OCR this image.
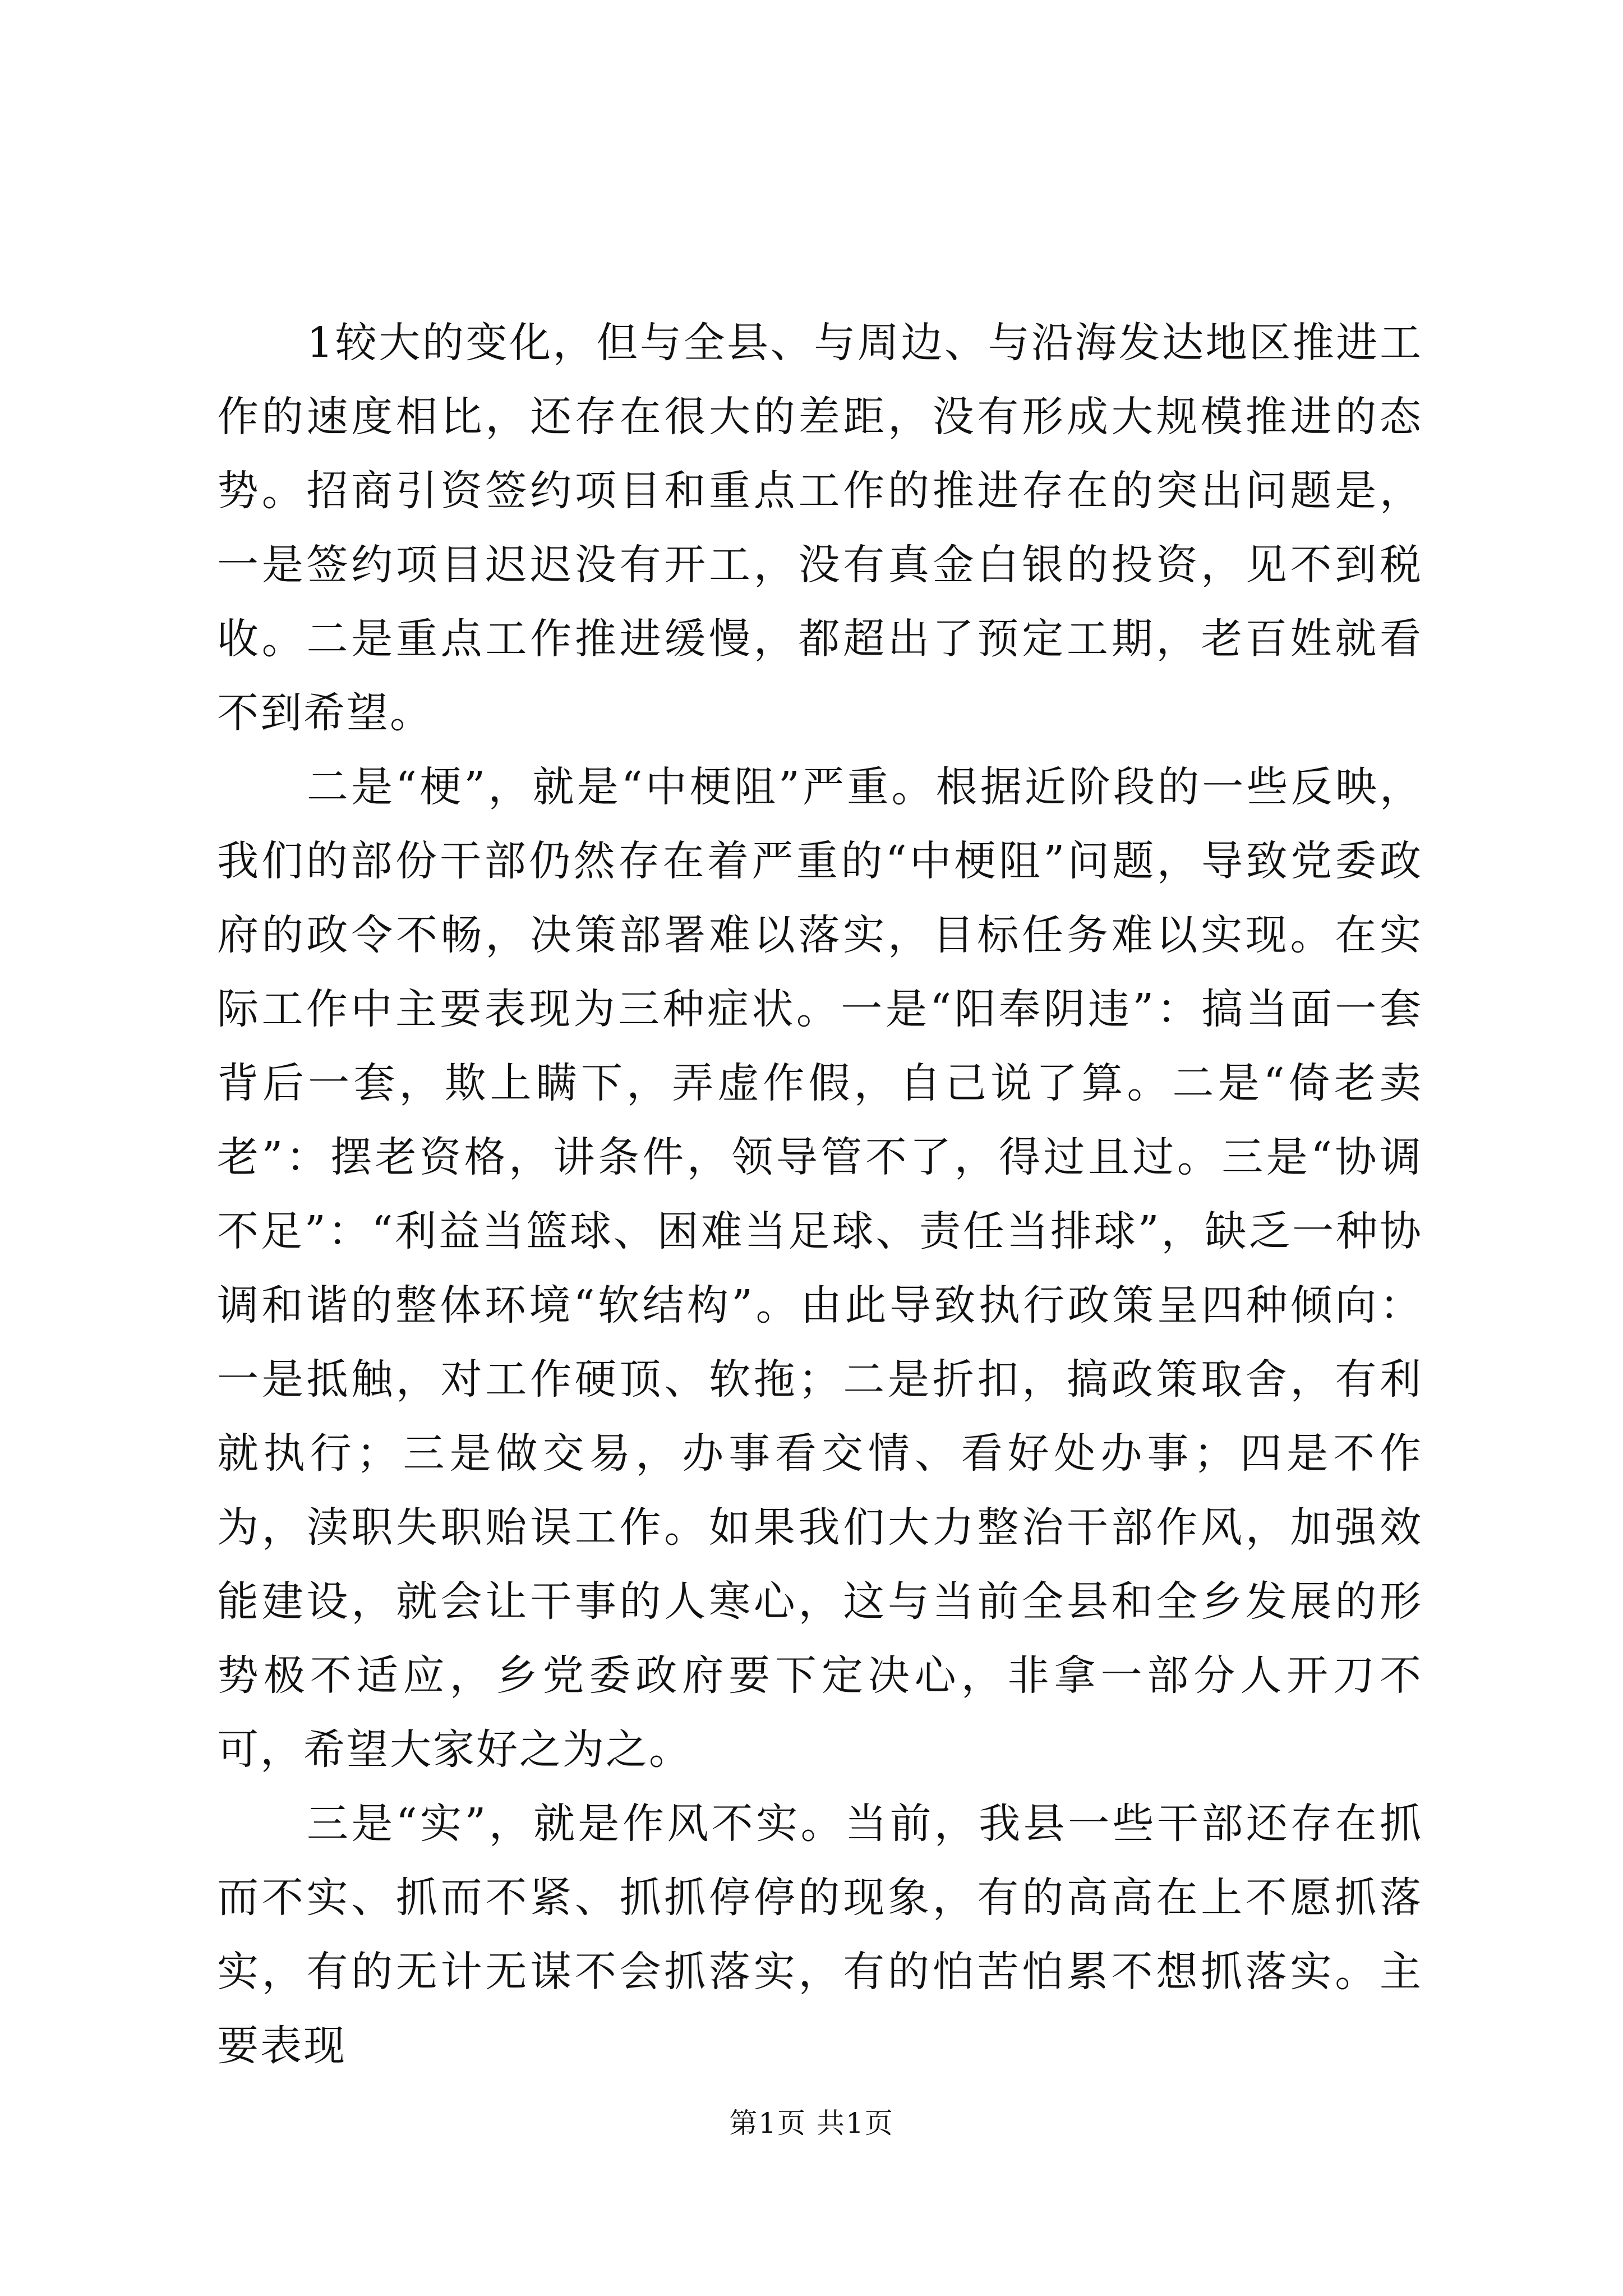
1较大的变化，但与全县、与周边、与沿海发达地区推进工作的速度相比，还存在很大的差距，没有形成大规模推进的态势。招商引资签约项目和重点工作的推进存在的突出问题是，一是签约项目迟迟没有开工，没有真金白银的投资，见不到税收。二是重点工作推进缓慢，都超出了预定工期，老百姓就看不到希望。

二是“梗”，就是“中梗阻”严重。根据近阶段的一些反映，我们的部份干部仍然存在着严重的“中梗阻”问题，导致党委政府的政令不畅，决策部署难以落实，目标任务难以实现。在实际工作中主要表现为三种症状。一是“阳奉阴违”：搞当面一套背后一套，欺上瞒下，弄虚作假，自己说了算。二是“倚老卖老”：摆老资格，讲条件，领导管不了，得过且过。三是“协调不足”：“利益当篮球、困难当足球、责任当排球”，缺乏一种协调和谐的整体环境“软结构”。由此导致执行政策呈四种倾向：一是抵触，对工作硬顶、软拖；二是折扣，搞政策取舍，有利就执行；三是做交易，办事看交情、看好处办事；四是不作为，渎职失职贻误工作。如果我们大力整治干部作风，加强效能建设，就会让干事的人寒心，这与当前全县和全乡发展的形势极不适应，乡党委政府要下定决心，非拿一部分人开刀不可，希望大家好之为之。

三是“实”，就是作风不实。当前，我县一些干部还存在抓而不实、抓而不紧、抓抓停停的现象，有的高高在上不愿抓落实，有的无计无谋不会抓落实，有的怕苦怕累不想抓落实。主要表现

第1页 共1页
